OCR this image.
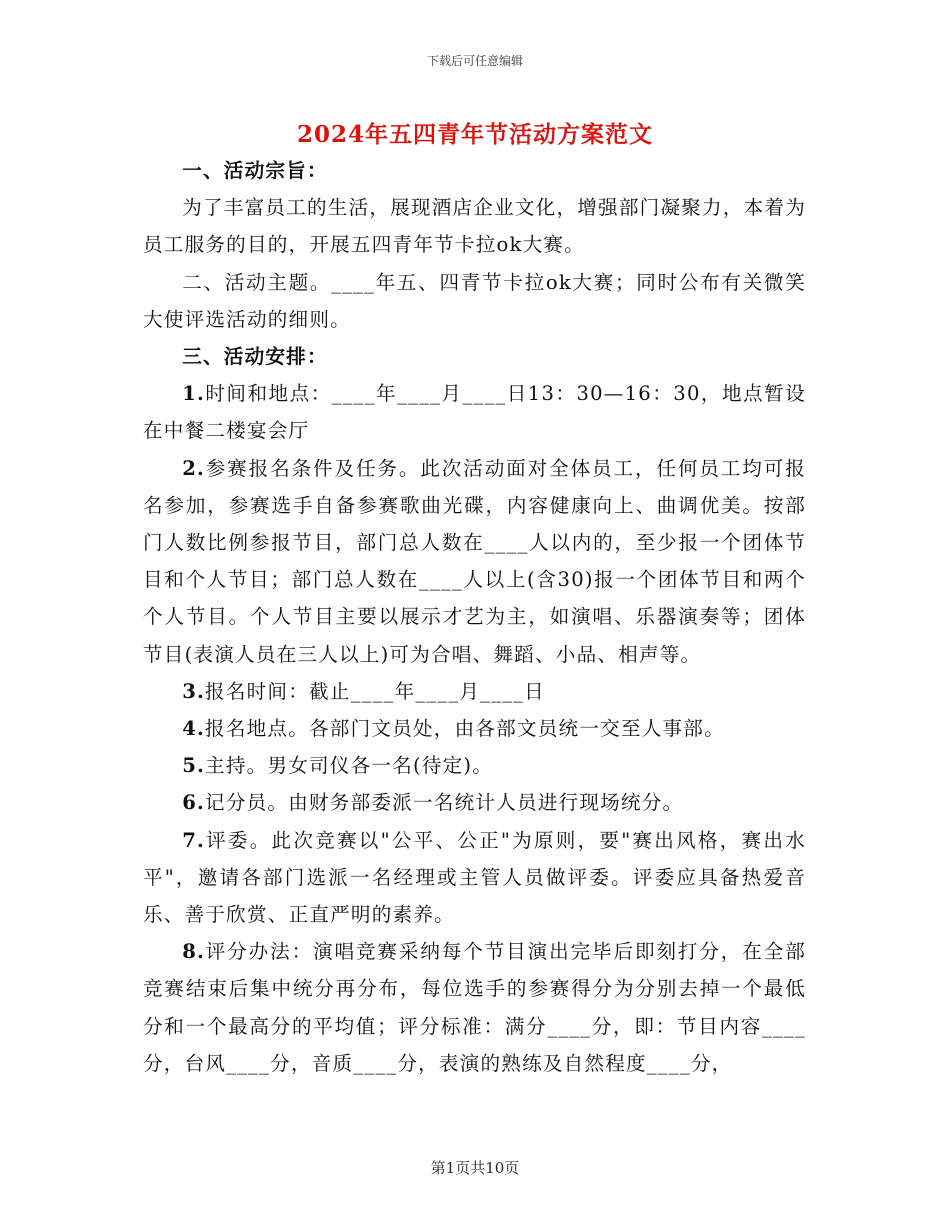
下载后可任意编辑
2024年五四青年节活动方案范文

一、活动宗旨：

为了丰富员工的生活，展现酒店企业文化，增强部门凝聚力，本着为员工服务的目的，开展五四青年节卡拉ok大赛。

二、活动主题。____年五、四青节卡拉ok大赛；同时公布有关微笑大使评选活动的细则。

三、活动安排：

1.时间和地点：____年____月____日13：30—16：30，地点暂设在中餐二楼宴会厅

2.参赛报名条件及任务。此次活动面对全体员工，任何员工均可报名参加，参赛选手自备参赛歌曲光碟，内容健康向上、曲调优美。按部门人数比例参报节目，部门总人数在____人以内的，至少报一个团体节目和个人节目；部门总人数在____人以上(含30)报一个团体节目和两个个人节目。个人节目主要以展示才艺为主，如演唱、乐器演奏等；团体节目(表演人员在三人以上)可为合唱、舞蹈、小品、相声等。

3.报名时间：截止____年____月____日

4.报名地点。各部门文员处，由各部文员统一交至人事部。

5.主持。男女司仪各一名(待定)。

6.记分员。由财务部委派一名统计人员进行现场统分。

7.评委。此次竞赛以"公平、公正"为原则，要"赛出风格，赛出水平"，邀请各部门选派一名经理或主管人员做评委。评委应具备热爱音乐、善于欣赏、正直严明的素养。

8.评分办法：演唱竞赛采纳每个节目演出完毕后即刻打分，在全部竞赛结束后集中统分再分布，每位选手的参赛得分为分别去掉一个最低分和一个最高分的平均值；评分标准：满分____分，即：节目内容____分，台风____分，音质____分，表演的熟练及自然程度____分，

第1页共10页
